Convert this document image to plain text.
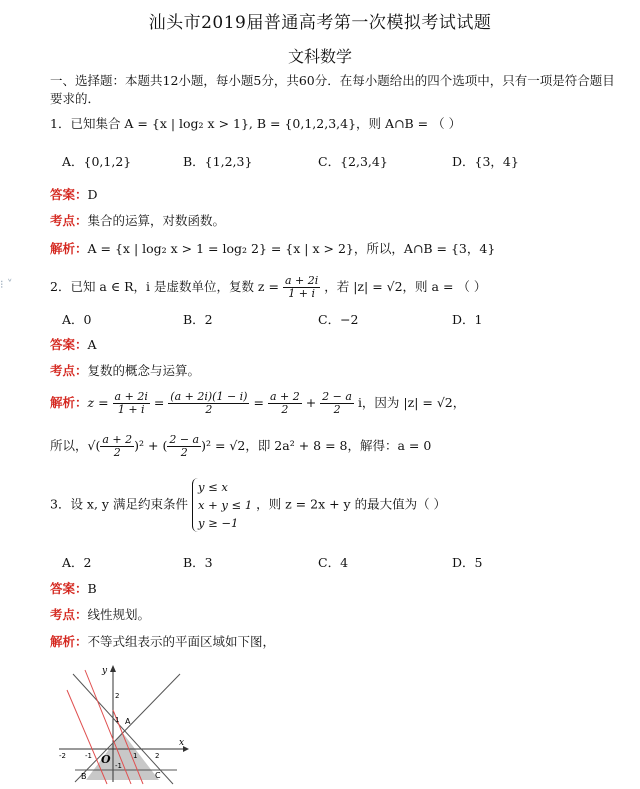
汕头市2019届普通高考第一次模拟考试试题
文科数学
一、选择题：本题共12小题，每小题5分，共60分．在每小题给出的四个选项中，只有一项是符合题目
要求的．
1．已知集合 A = {x | log₂ x > 1}, B = {0,1,2,3,4}，则 A∩B = （ ）
A．{0,1,2}	B．{1,2,3}	C．{2,3,4}	D．{3，4}
答案：D
考点：集合的运算，对数函数。
解析：A = {x | log₂ x > 1 = log₂ 2} = {x | x > 2}，所以，A∩B = {3，4}
⁝ ˅	2．已知 a ∈ R，i 是虚数单位，复数 $z = \frac{a + 2i}{1 + i}$ ，若 |z| = √2，则 a = （ ）
A．0	B．2	C．−2	D．1
答案：A
考点：复数的概念与运算。
解析：$z = \frac{a + 2i}{1 + i} = \frac{(a + 2i)(1 - i)}{2} = \frac{a + 2}{2} + \frac{2 - a}{2}$ i，因为 |z| = √2，
所以，√( $\frac{a + 2}{2} )^2$ + ( $\frac{2 - a}{2} )^2 = √2$，即 2a² + 8 = 8，解得：a = 0
3．设 x, y 满足约束条件
y ≤ x
x + y ≤ 1
y ≥ −1
，则 z = 2x + y 的最大值为（ ）
A．2	B．3	C．4	D．5
答案：B
考点：线性规划。
解析：不等式组表示的平面区域如下图，
y
x
O
-2	-1	1	2
2
1
-1
A
B	C
